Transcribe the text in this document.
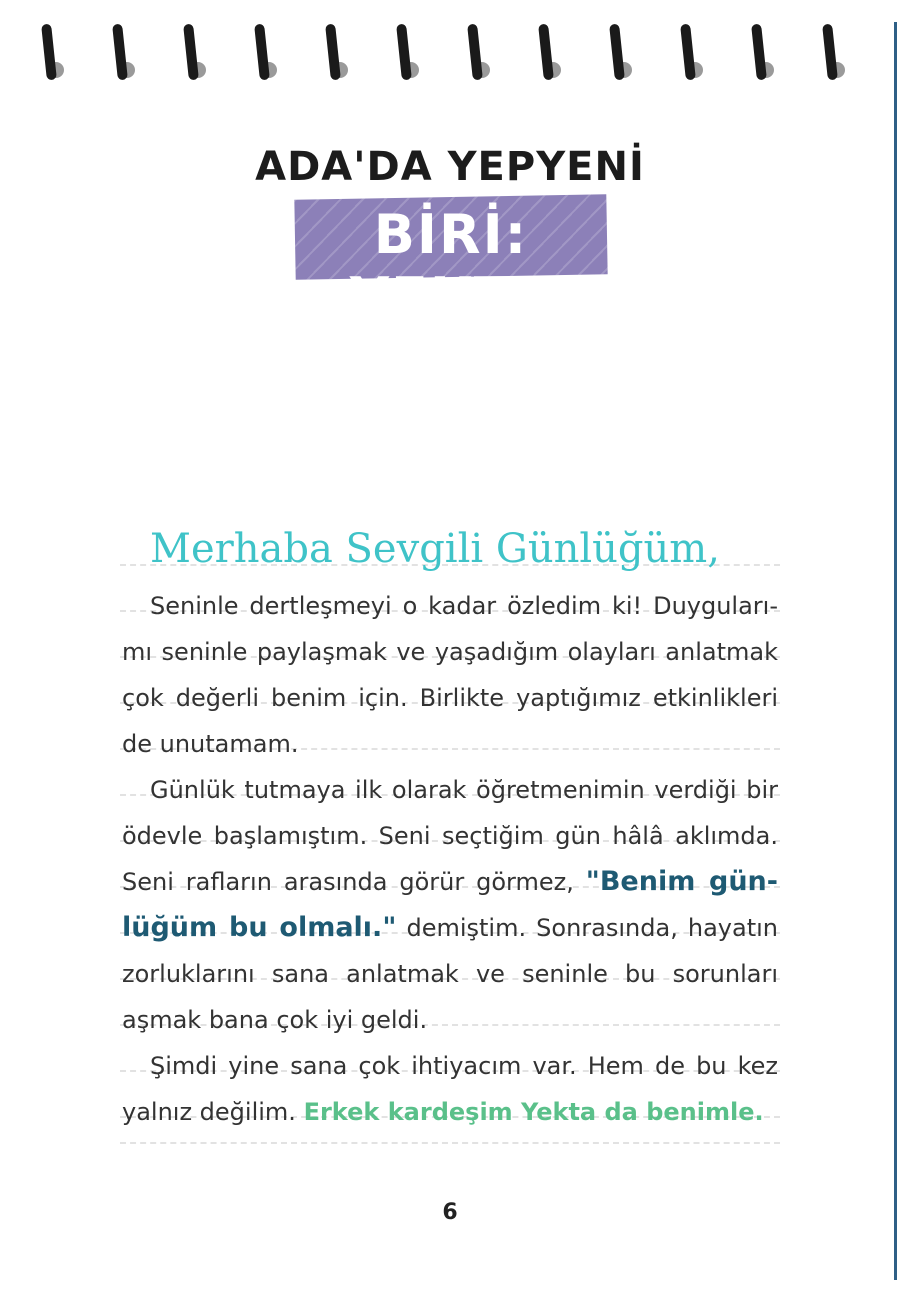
ADA'DA YEPYENİ
BİRİ: YEKTA
Merhaba Sevgili Günlüğüm,

Seninle dertleşmeyi o kadar özledim ki! Duyguları-mı seninle paylaşmak ve yaşadığım olayları anlatmak çok değerli benim için. Birlikte yaptığımız etkinlikleri de unutamam.

Günlük tutmaya ilk olarak öğretmenimin verdiği bir ödevle başlamıştım. Seni seçtiğim gün hâlâ aklımda. Seni rafların arasında görür görmez, "Benim gün-lüğüm bu olmalı." demiştim. Sonrasında, hayatın zorluklarını sana anlatmak ve seninle bu sorunları aşmak bana çok iyi geldi.

Şimdi yine sana çok ihtiyacım var. Hem de bu kez yalnız değilim. Erkek kardeşim Yekta da benimle.

6
